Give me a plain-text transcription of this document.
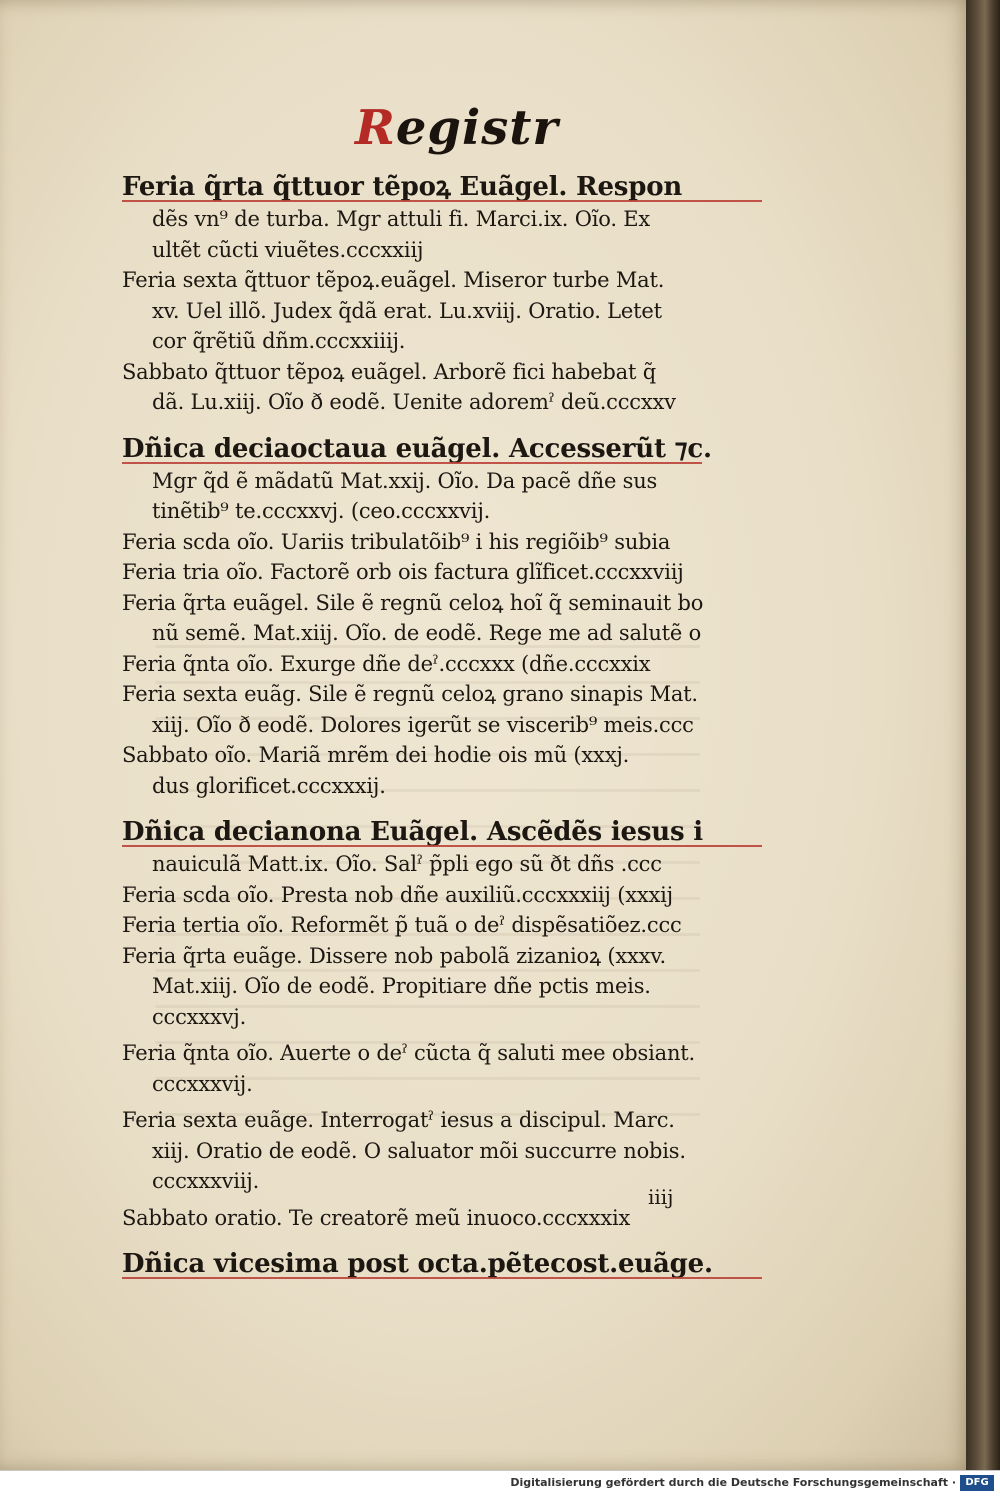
Registr
Feria q̃rta q̃ttuor tẽpoꝝ Euãgel. Respon
dẽs vn⁹ de turba. Mgr attuli fi. Marci.ix. Oĩo. Ex
ultẽt cũcti viuẽtes.cccxxiij
Feria sexta q̃ttuor tẽpoꝝ.euãgel. Miseror turbe Mat.
xv. Uel illõ. Judex q̃dã erat. Lu.xviij. Oratio. Letet
cor q̃rẽtiũ dñm.cccxxiiij.
Sabbato q̃ttuor tẽpoꝝ euãgel. Arborẽ fici habebat q̃
dã. Lu.xiij. Oĩo ð eodẽ. Uenite adoremˀ deũ.cccxxv
Dñica deciaoctaua euãgel. Accesserũt ⁊c.
Mgr q̃d ẽ mãdatũ Mat.xxij. Oĩo. Da pacẽ dñe sus
tinẽtib⁹ te.cccxxvj. (ceo.cccxxvij.
Feria scda oĩo. Uariis tribulatõib⁹ i his regiõib⁹ subia
Feria tria oĩo. Factorẽ orb ois factura glĩficet.cccxxviij
Feria q̃rta euãgel. Sile ẽ regnũ celoꝝ hoĩ q̃ seminauit bo
nũ semẽ. Mat.xiij. Oĩo. de eodẽ. Rege me ad salutẽ o
Feria q̃nta oĩo. Exurge dñe deˀ.cccxxx (dñe.cccxxix
Feria sexta euãg. Sile ẽ regnũ celoꝝ grano sinapis Mat.
xiij. Oĩo ð eodẽ. Dolores igerũt se viscerib⁹ meis.ccc
Sabbato oĩo. Mariã mrẽm dei hodie ois mũ (xxxj.
dus glorificet.cccxxxij.
Dñica decianona Euãgel. Ascẽdẽs iesus i
nauiculã Matt.ix. Oĩo. Salˀ p̃pli ego sũ ðt dñs .ccc
Feria scda oĩo. Presta nob dñe auxiliũ.cccxxxiij (xxxij
Feria tertia oĩo. Reformẽt p̃ tuã o deˀ dispẽsatiõez.ccc
Feria q̃rta euãge. Dissere nob pabolã zizanioꝝ (xxxv.
Mat.xiij. Oĩo de eodẽ. Propitiare dñe pctis meis.
cccxxxvj.
Feria q̃nta oĩo. Auerte o deˀ cũcta q̃ saluti mee obsiant.
cccxxxvij.
Feria sexta euãge. Interrogatˀ iesus a discipul. Marc.
xiij. Oratio de eodẽ. O saluator mõi succurre nobis.
cccxxxviij.
Sabbato oratio. Te creatorẽ meũ inuoco.cccxxxix
Dñica vicesima post octa.pẽtecost.euãge.
iiij
Digitalisierung gefördert durch die Deutsche Forschungsgemeinschaft · DFG
